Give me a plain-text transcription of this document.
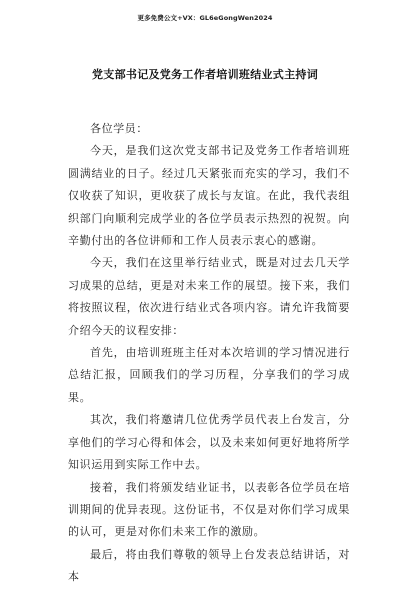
更多免费公文+VX：GL6eGongWen2024
党支部书记及党务工作者培训班结业式主持词

各位学员：

今天，是我们这次党支部书记及党务工作者培训班圆满结业的日子。经过几天紧张而充实的学习，我们不仅收获了知识，更收获了成长与友谊。在此，我代表组织部门向顺利完成学业的各位学员表示热烈的祝贺。向辛勤付出的各位讲师和工作人员表示衷心的感谢。

今天，我们在这里举行结业式，既是对过去几天学习成果的总结，更是对未来工作的展望。接下来，我们将按照议程，依次进行结业式各项内容。请允许我简要介绍今天的议程安排：

首先，由培训班班主任对本次培训的学习情况进行总结汇报，回顾我们的学习历程，分享我们的学习成果。

其次，我们将邀请几位优秀学员代表上台发言，分享他们的学习心得和体会，以及未来如何更好地将所学知识运用到实际工作中去。

接着，我们将颁发结业证书，以表彰各位学员在培训期间的优异表现。这份证书，不仅是对你们学习成果的认可，更是对你们未来工作的激励。

最后，将由我们尊敬的领导上台发表总结讲话，对本
